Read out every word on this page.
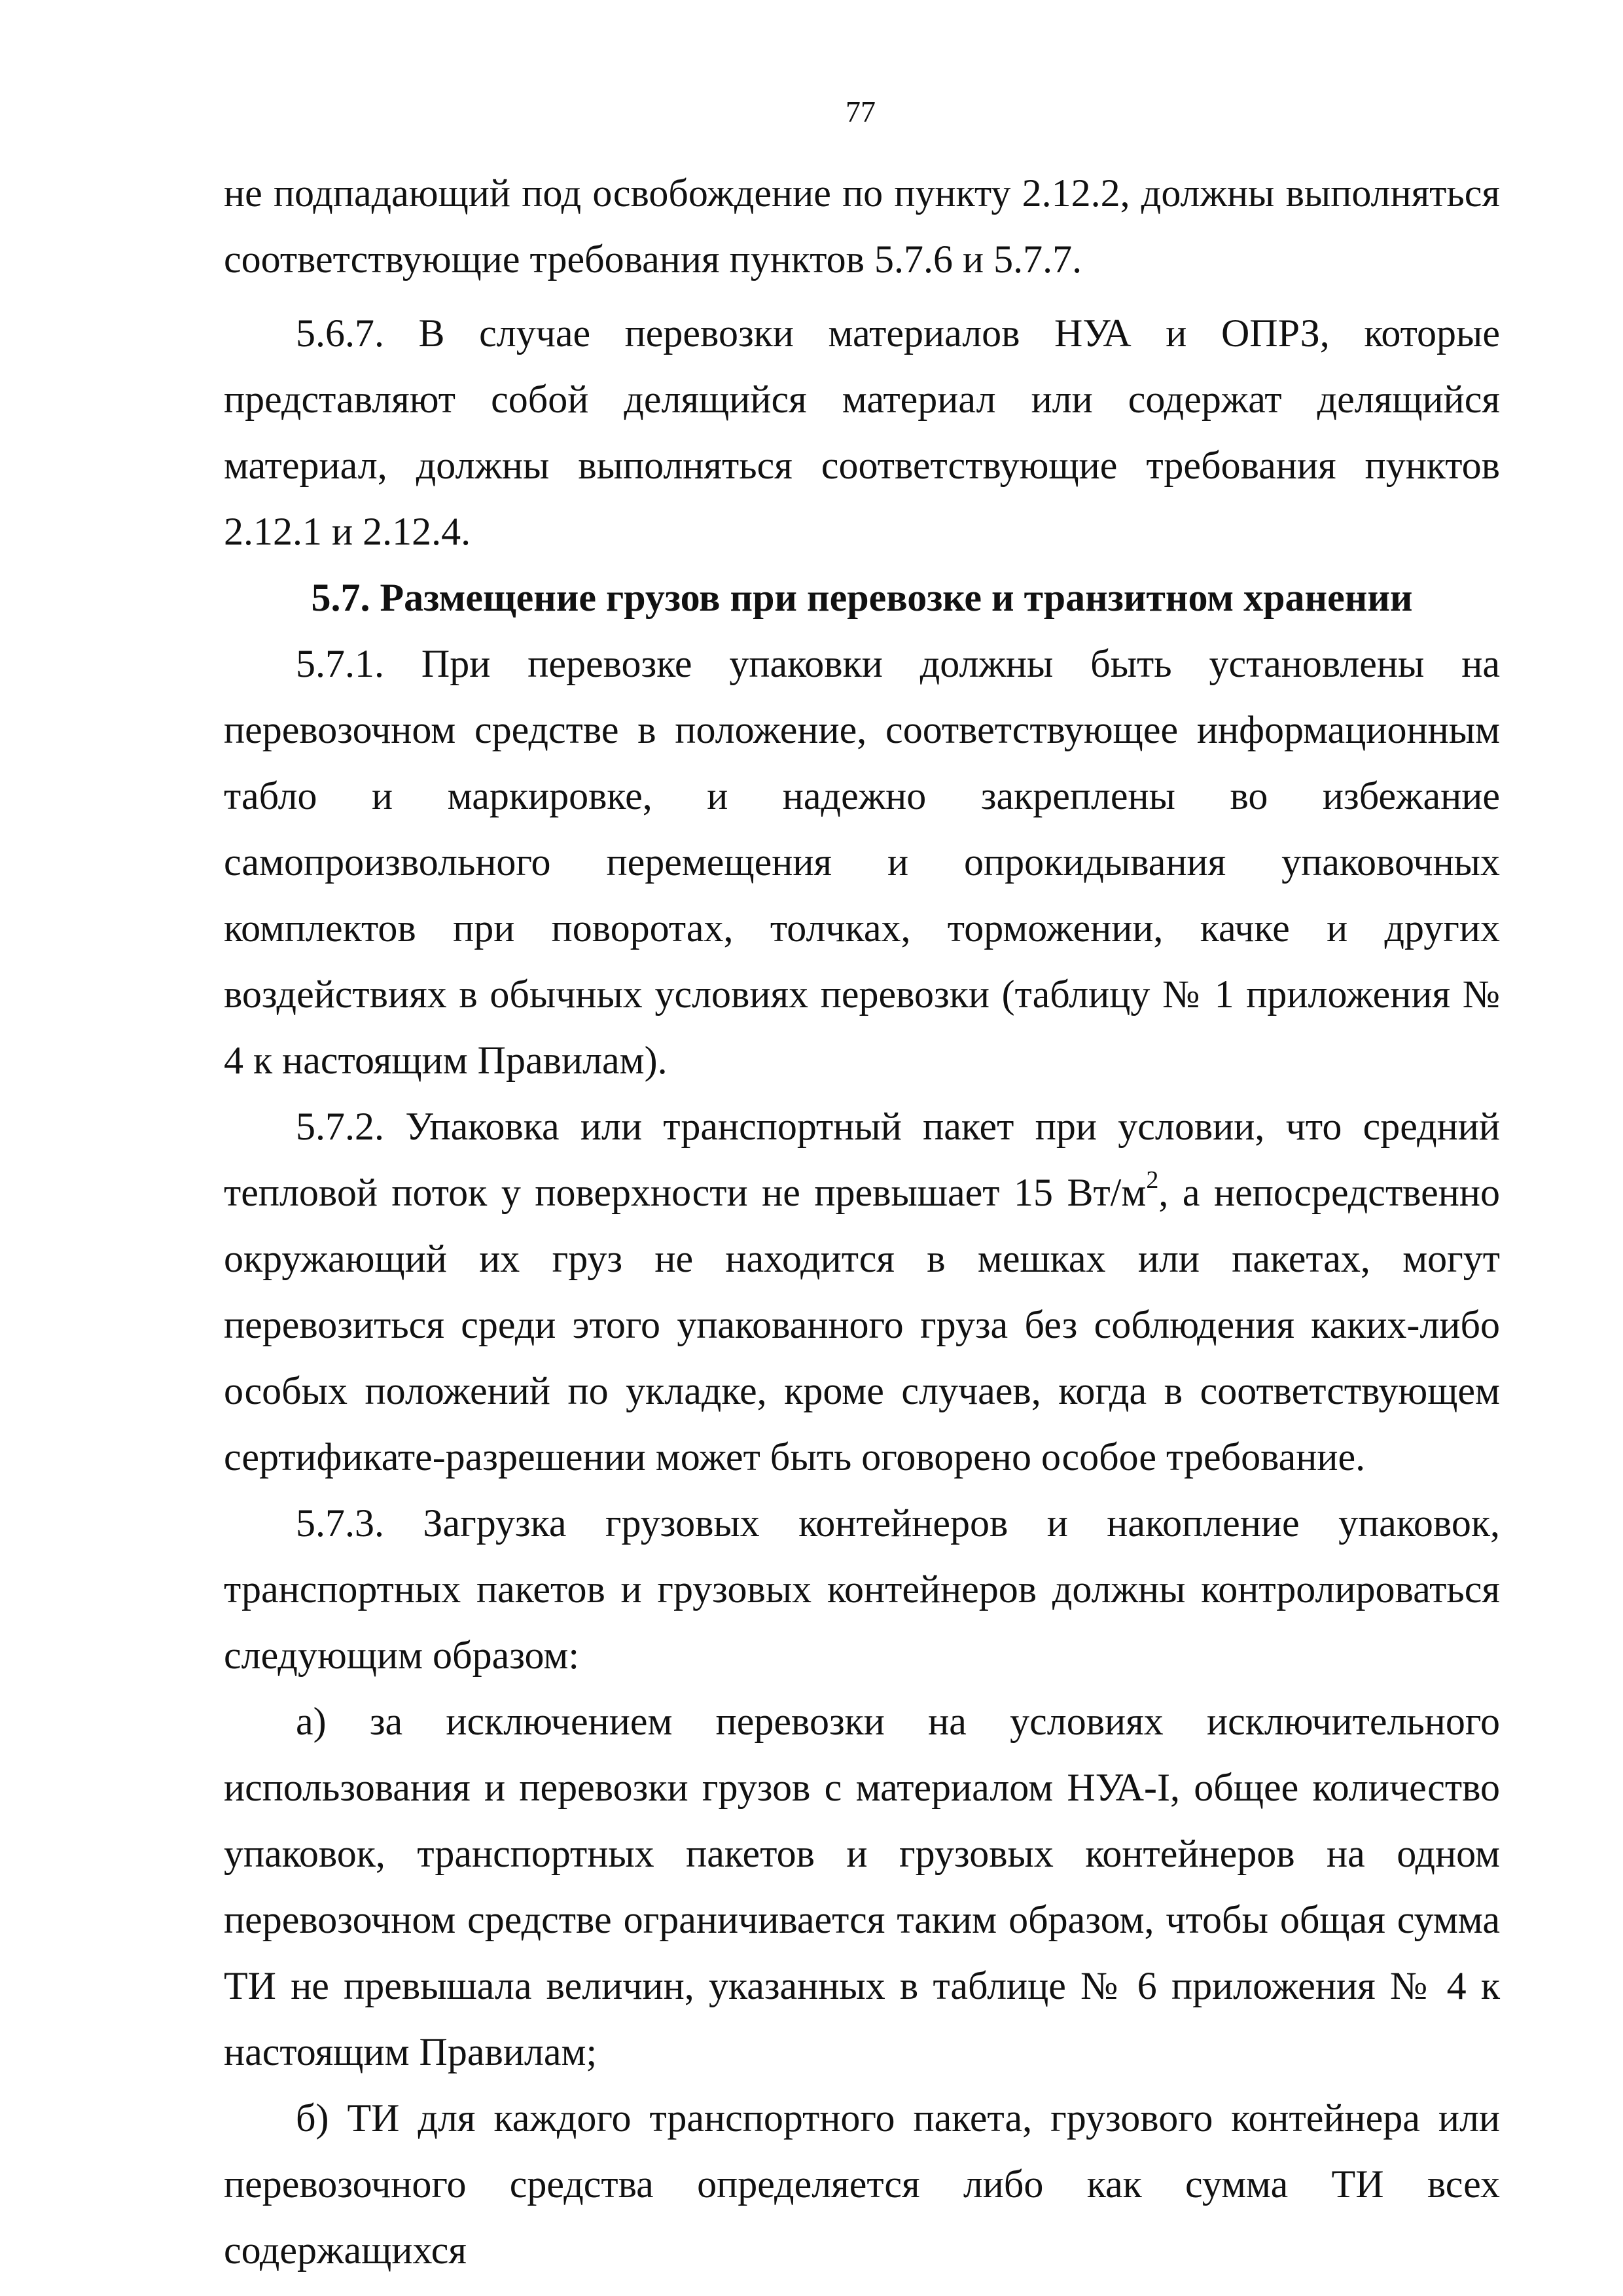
77

не подпадающий под освобождение по пункту 2.12.2, должны выполняться соответствующие требования пунктов 5.7.6 и 5.7.7.

5.6.7. В случае перевозки материалов НУА и ОПРЗ, которые представляют собой делящийся материал или содержат делящийся материал, должны выполняться соответствующие требования пунктов 2.12.1 и 2.12.4.

5.7. Размещение грузов при перевозке и транзитном хранении

5.7.1. При перевозке упаковки должны быть установлены на перевозочном средстве в положение, соответствующее информационным табло и маркировке, и надежно закреплены во избежание самопроизвольного перемещения и опрокидывания упаковочных комплектов при поворотах, толчках, торможении, качке и других воздействиях в обычных условиях перевозки (таблицу № 1 приложения № 4 к настоящим Правилам).

5.7.2. Упаковка или транспортный пакет при условии, что средний тепловой поток у поверхности не превышает 15 $Вт/м^2$, а непосредственно окружающий их груз не находится в мешках или пакетах, могут перевозиться среди этого упакованного груза без соблюдения каких-либо особых положений по укладке, кроме случаев, когда в соответствующем сертификате-разрешении может быть оговорено особое требование.

5.7.3. Загрузка грузовых контейнеров и накопление упаковок, транспортных пакетов и грузовых контейнеров должны контролироваться следующим образом:

а) за исключением перевозки на условиях исключительного использования и перевозки грузов с материалом НУА-I, общее количество упаковок, транспортных пакетов и грузовых контейнеров на одном перевозочном средстве ограничивается таким образом, чтобы общая сумма ТИ не превышала величин, указанных в таблице № 6 приложения № 4 к настоящим Правилам;

б) ТИ для каждого транспортного пакета, грузового контейнера или перевозочного средства определяется либо как сумма ТИ всех содержащихся
